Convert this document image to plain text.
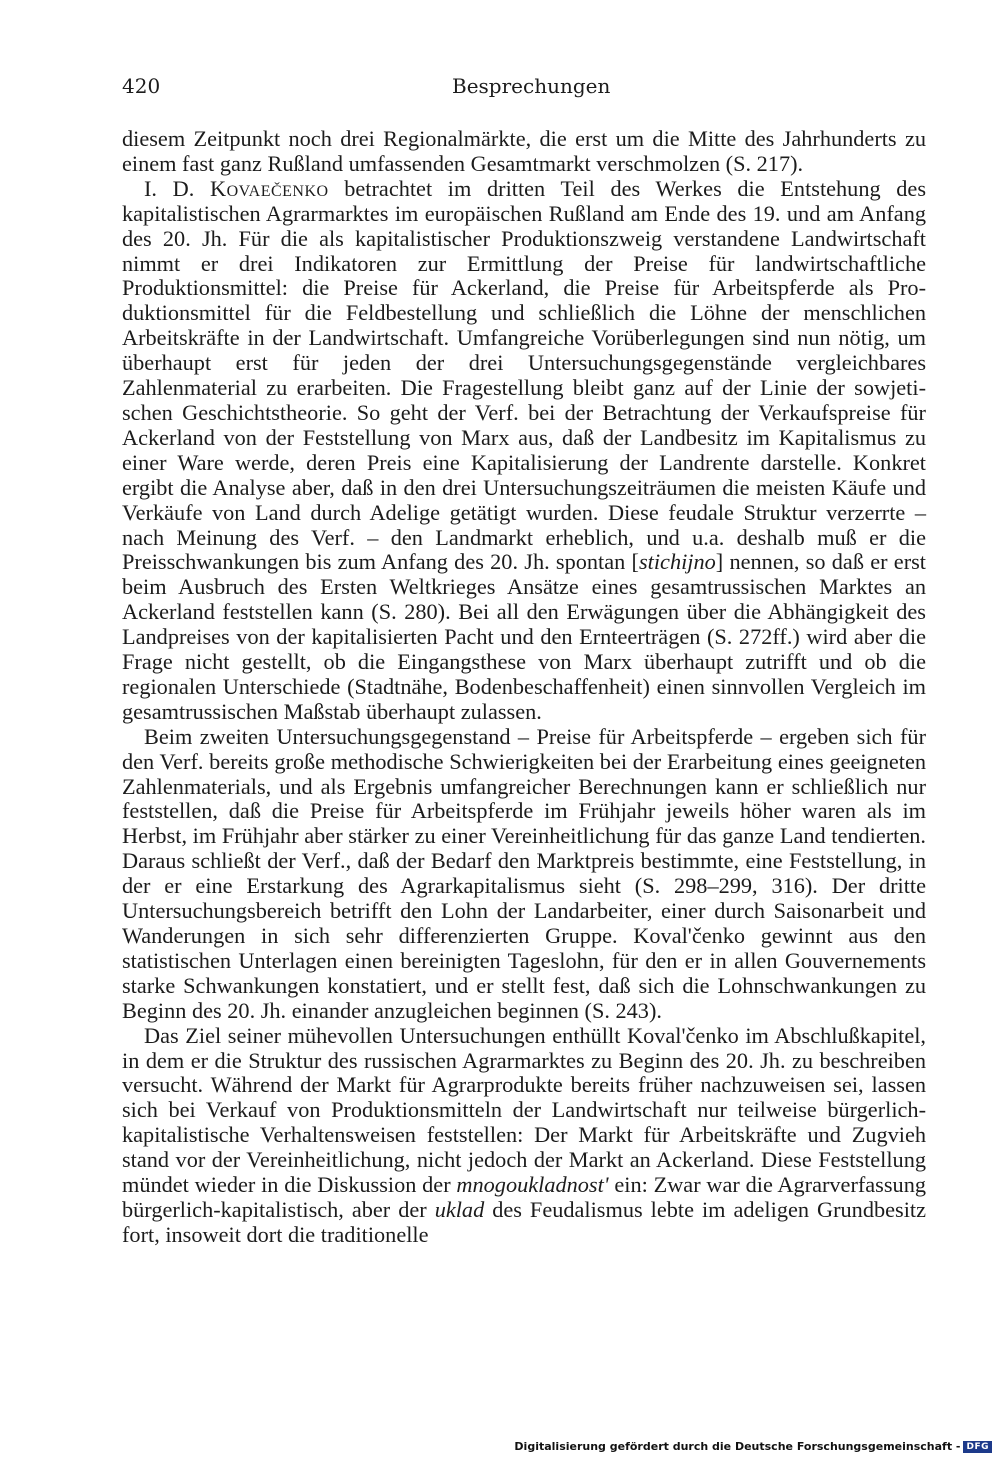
420	Besprechungen

diesem Zeitpunkt noch drei Regionalmärkte, die erst um die Mitte des Jahrhunderts zu einem fast ganz Rußland umfassenden Gesamtmarkt verschmolzen (S. 217).

I. D. Kovaečenko betrachtet im dritten Teil des Werkes die Entstehung des kapitalistischen Agrarmarktes im europäischen Rußland am Ende des 19. und am Anfang des 20. Jh. Für die als kapitalistischer Produktionszweig verstandene Landwirtschaft nimmt er drei Indikatoren zur Ermittlung der Preise für landwirtschaftliche Produktionsmittel: die Preise für Ackerland, die Preise für Arbeitspferde als Produktionsmittel für die Feldbestellung und schließlich die Löhne der menschlichen Arbeitskräfte in der Landwirtschaft. Umfangreiche Vorüberlegungen sind nun nötig, um überhaupt erst für jeden der drei Untersuchungsgegenstände vergleichbares Zahlenmaterial zu erarbeiten. Die Fragestellung bleibt ganz auf der Linie der sowjetischen Geschichtstheorie. So geht der Verf. bei der Betrachtung der Verkaufspreise für Ackerland von der Feststellung von Marx aus, daß der Landbesitz im Kapitalismus zu einer Ware werde, deren Preis eine Kapitalisierung der Landrente darstelle. Konkret ergibt die Analyse aber, daß in den drei Untersuchungszeiträumen die meisten Käufe und Verkäufe von Land durch Adelige getätigt wurden. Diese feudale Struktur verzerrte – nach Meinung des Verf. – den Landmarkt erheblich, und u.a. deshalb muß er die Preisschwankungen bis zum Anfang des 20. Jh. spontan [stichijno] nennen, so daß er erst beim Ausbruch des Ersten Weltkrieges Ansätze eines gesamtrussischen Marktes an Ackerland feststellen kann (S. 280). Bei all den Erwägungen über die Abhängigkeit des Landpreises von der kapitalisierten Pacht und den Ernteerträgen (S. 272ff.) wird aber die Frage nicht gestellt, ob die Eingangsthese von Marx überhaupt zutrifft und ob die regionalen Unterschiede (Stadtnähe, Bodenbeschaffenheit) einen sinnvollen Vergleich im gesamtrussischen Maßstab überhaupt zulassen.

Beim zweiten Untersuchungsgegenstand – Preise für Arbeitspferde – ergeben sich für den Verf. bereits große methodische Schwierigkeiten bei der Erarbeitung eines geeigneten Zahlenmaterials, und als Ergebnis umfangreicher Berechnungen kann er schließlich nur feststellen, daß die Preise für Arbeitspferde im Frühjahr jeweils höher waren als im Herbst, im Frühjahr aber stärker zu einer Vereinheitlichung für das ganze Land tendierten. Daraus schließt der Verf., daß der Bedarf den Marktpreis bestimmte, eine Feststellung, in der er eine Erstarkung des Agrarkapitalismus sieht (S. 298–299, 316). Der dritte Untersuchungsbereich betrifft den Lohn der Landarbeiter, einer durch Saisonarbeit und Wanderungen in sich sehr differenzierten Gruppe. Koval'čenko gewinnt aus den statistischen Unterlagen einen bereinigten Tageslohn, für den er in allen Gouvernements starke Schwankungen konstatiert, und er stellt fest, daß sich die Lohnschwankungen zu Beginn des 20. Jh. einander anzugleichen beginnen (S. 243).

Das Ziel seiner mühevollen Untersuchungen enthüllt Koval'čenko im Abschlußkapitel, in dem er die Struktur des russischen Agrarmarktes zu Beginn des 20. Jh. zu beschreiben versucht. Während der Markt für Agrarprodukte bereits früher nachzuweisen sei, lassen sich bei Verkauf von Produktionsmitteln der Landwirtschaft nur teilweise bürgerlich-kapitalistische Verhaltensweisen feststellen: Der Markt für Arbeitskräfte und Zugvieh stand vor der Vereinheitlichung, nicht jedoch der Markt an Ackerland. Diese Feststellung mündet wieder in die Diskussion der mnogoukladnost' ein: Zwar war die Agrarverfassung bürgerlich-kapitalistisch, aber der uklad des Feudalismus lebte im adeligen Grundbesitz fort, insoweit dort die traditionelle

Digitalisierung gefördert durch die Deutsche Forschungsgemeinschaft - DFG
